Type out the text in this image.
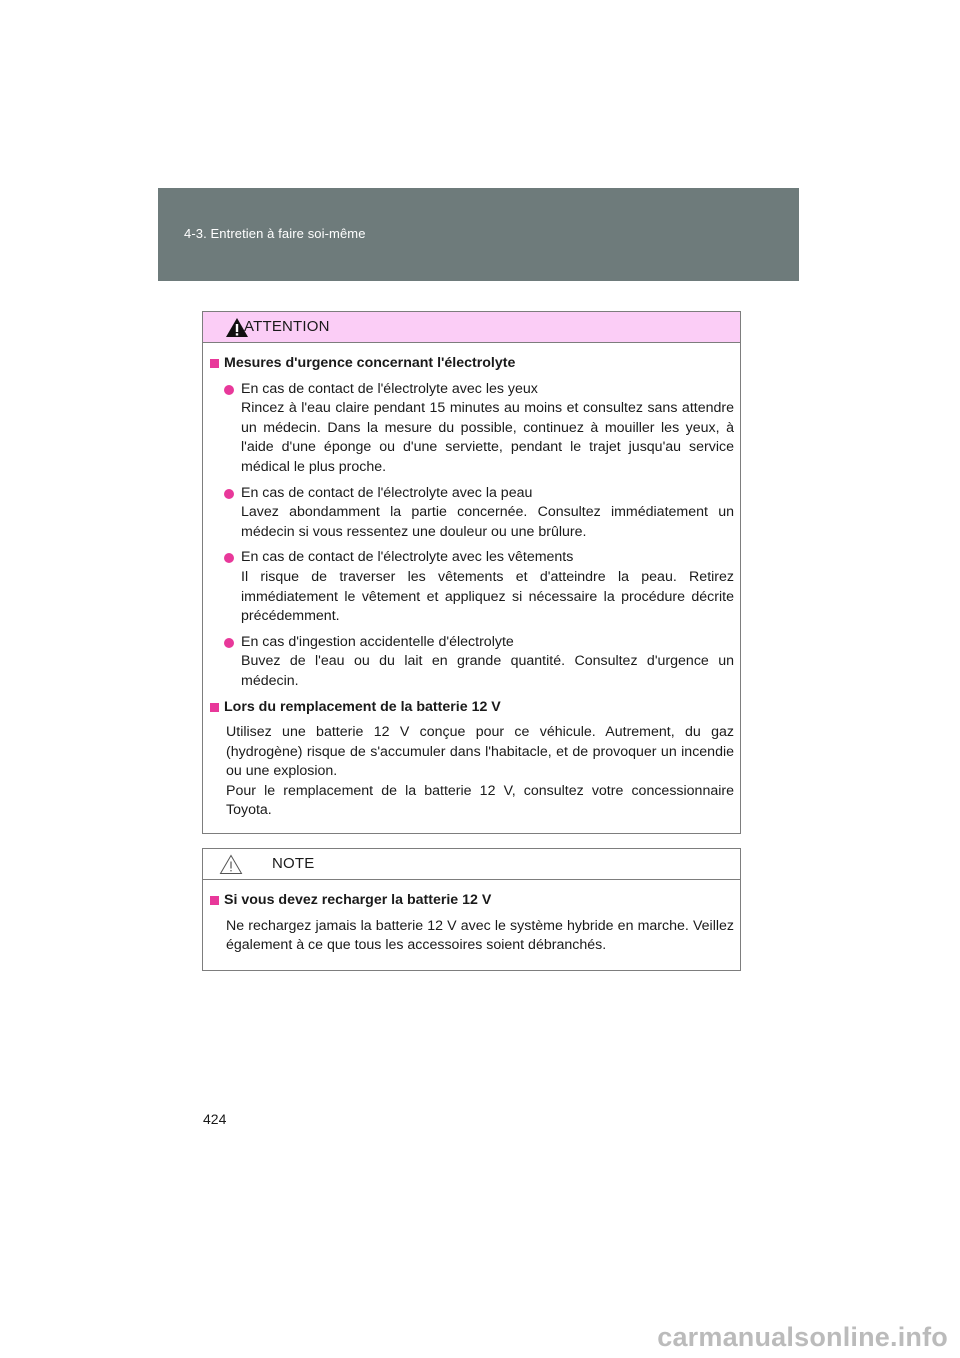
4-3. Entretien à faire soi-même
ATTENTION
Mesures d'urgence concernant l'électrolyte

En cas de contact de l'électrolyte avec les yeux

Rincez à l'eau claire pendant 15 minutes au moins et consultez sans attendre un médecin. Dans la mesure du possible, continuez à mouiller les yeux, à l'aide d'une éponge ou d'une serviette, pendant le trajet jusqu'au service médical le plus proche.

En cas de contact de l'électrolyte avec la peau

Lavez abondamment la partie concernée. Consultez immédiatement un médecin si vous ressentez une douleur ou une brûlure.

En cas de contact de l'électrolyte avec les vêtements

Il risque de traverser les vêtements et d'atteindre la peau. Retirez immédiatement le vêtement et appliquez si nécessaire la procédure décrite précédemment.

En cas d'ingestion accidentelle d'électrolyte

Buvez de l'eau ou du lait en grande quantité. Consultez d'urgence un médecin.

Lors du remplacement de la batterie 12 V

Utilisez une batterie 12 V conçue pour ce véhicule. Autrement, du gaz (hydrogène) risque de s'accumuler dans l'habitacle, et de provoquer un incendie ou une explosion.

Pour le remplacement de la batterie 12 V, consultez votre concessionnaire Toyota.

NOTE
Si vous devez recharger la batterie 12 V

Ne rechargez jamais la batterie 12 V avec le système hybride en marche. Veillez également à ce que tous les accessoires soient débranchés.

424
carmanualsonline.info
